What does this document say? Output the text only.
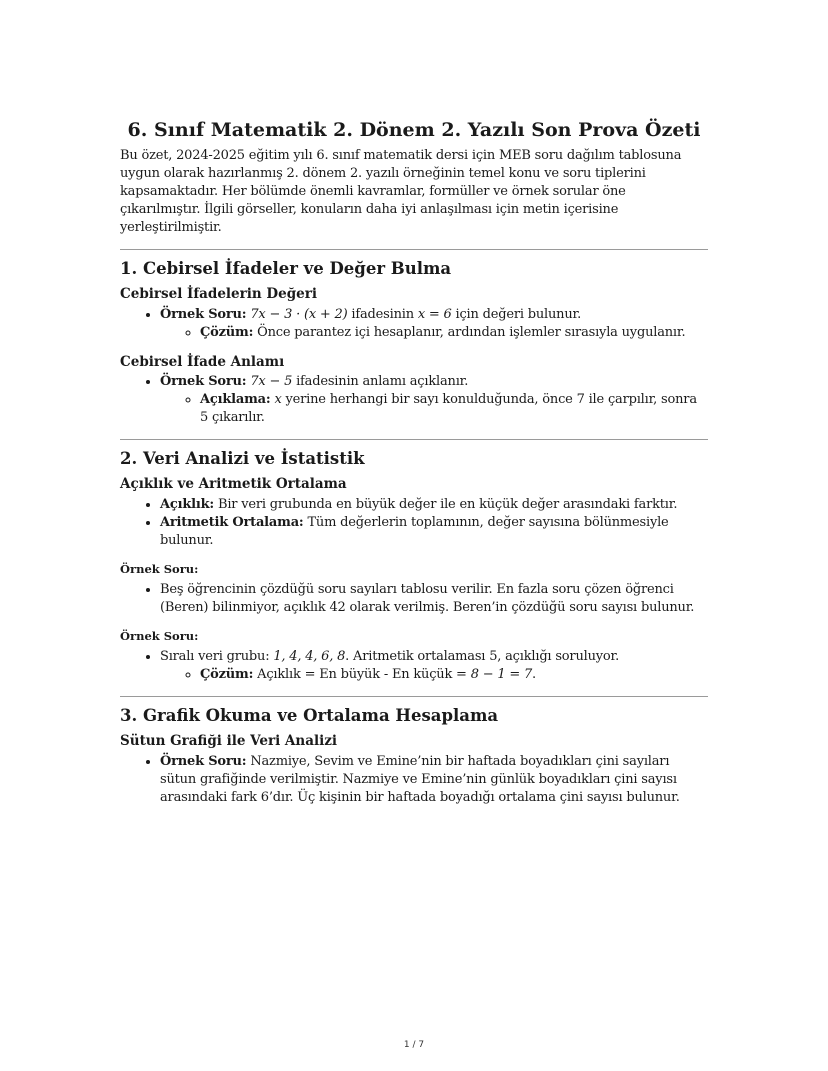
6. Sınıf Matematik 2. Dönem 2. Yazılı Son Prova Özeti

Bu özet, 2024-2025 eğitim yılı 6. sınıf matematik dersi için MEB soru dağılım tablosuna uygun olarak hazırlanmış 2. dönem 2. yazılı örneğinin temel konu ve soru tiplerini kapsamaktadır. Her bölümde önemli kavramlar, formüller ve örnek sorular öne çıkarılmıştır. İlgili görseller, konuların daha iyi anlaşılması için metin içerisine yerleştirilmiştir.

1. Cebirsel İfadeler ve Değer Bulma
Cebirsel İfadelerin Değeri
• Örnek Soru: 7x − 3 · (x + 2) ifadesinin x = 6 için değeri bulunur.
◦ Çözüm: Önce parantez içi hesaplanır, ardından işlemler sırasıyla uygulanır.
Cebirsel İfade Anlamı
• Örnek Soru: 7x − 5 ifadesinin anlamı açıklanır.
◦ Açıklama: x yerine herhangi bir sayı konulduğunda, önce 7 ile çarpılır, sonra 5 çıkarılır.
2. Veri Analizi ve İstatistik
Açıklık ve Aritmetik Ortalama
• Açıklık: Bir veri grubunda en büyük değer ile en küçük değer arasındaki farktır.
• Aritmetik Ortalama: Tüm değerlerin toplamının, değer sayısına bölünmesiyle bulunur.
Örnek Soru:
• Beş öğrencinin çözdüğü soru sayıları tablosu verilir. En fazla soru çözen öğrenci (Beren) bilinmiyor, açıklık 42 olarak verilmiş. Beren’in çözdüğü soru sayısı bulunur.
Örnek Soru:
• Sıralı veri grubu: 1, 4, 4, 6, 8. Aritmetik ortalaması 5, açıklığı soruluyor.
◦ Çözüm: Açıklık = En büyük - En küçük = 8 − 1 = 7.
3. Grafik Okuma ve Ortalama Hesaplama
Sütun Grafiği ile Veri Analizi
• Örnek Soru: Nazmiye, Sevim ve Emine’nin bir haftada boyadıkları çini sayıları sütun grafiğinde verilmiştir. Nazmiye ve Emine’nin günlük boyadıkları çini sayısı arasındaki fark 6’dır. Üç kişinin bir haftada boyadığı ortalama çini sayısı bulunur.
1 / 7
